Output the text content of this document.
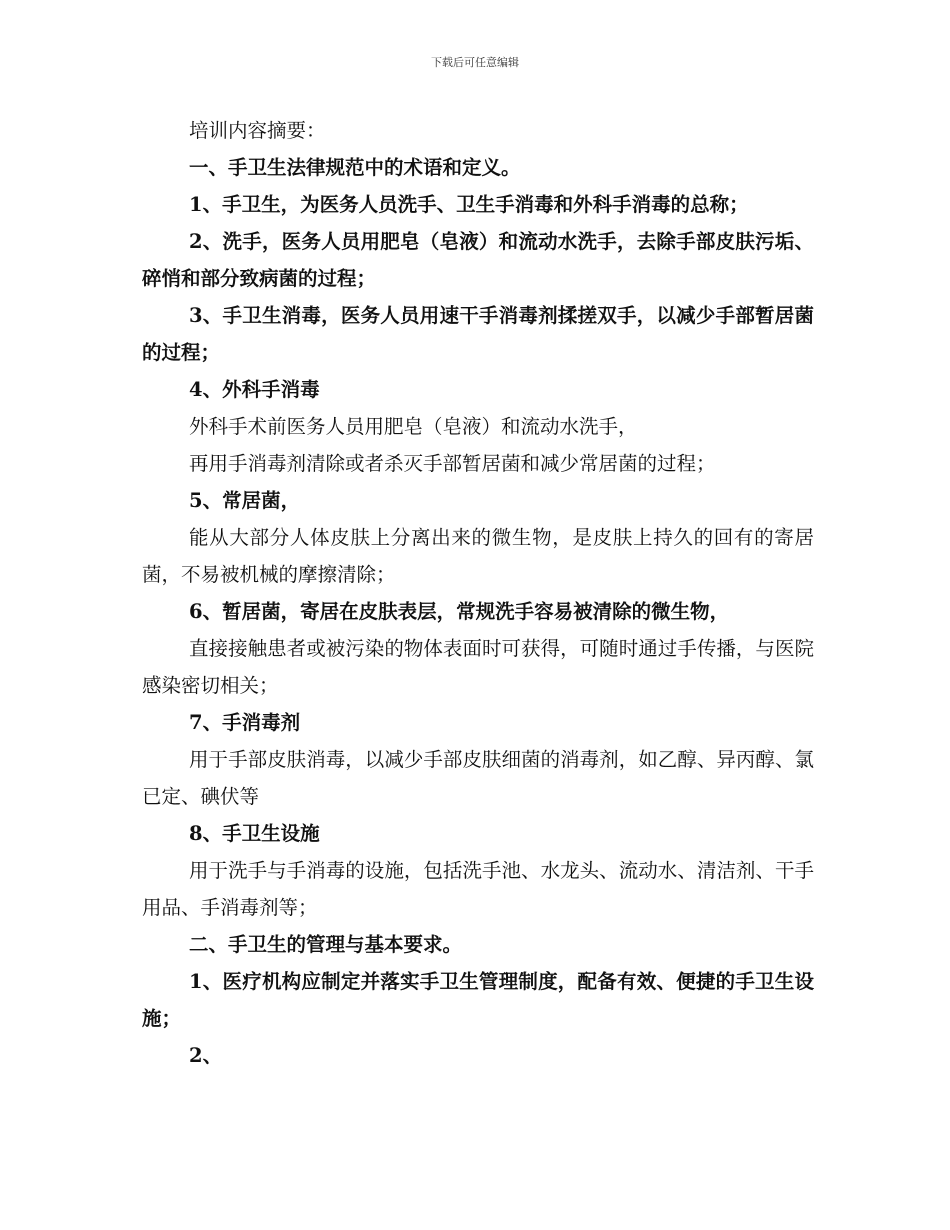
下载后可任意编辑

培训内容摘要：

一、手卫生法律规范中的术语和定义。

1、手卫生，为医务人员洗手、卫生手消毒和外科手消毒的总称；

2、洗手，医务人员用肥皂（皂液）和流动水洗手，去除手部皮肤污垢、碎悄和部分致病菌的过程；

3、手卫生消毒，医务人员用速干手消毒剂揉搓双手，以减少手部暂居菌的过程；

4、外科手消毒

外科手术前医务人员用肥皂（皂液）和流动水洗手，

再用手消毒剂清除或者杀灭手部暂居菌和减少常居菌的过程；

5、常居菌，

能从大部分人体皮肤上分离出来的微生物，是皮肤上持久的回有的寄居菌，不易被机械的摩擦清除；

6、暂居菌，寄居在皮肤表层，常规洗手容易被清除的微生物，

直接接触患者或被污染的物体表面时可获得，可随时通过手传播，与医院感染密切相关；

7、手消毒剂

用于手部皮肤消毒，以减少手部皮肤细菌的消毒剂，如乙醇、异丙醇、氯已定、碘伏等

8、手卫生设施

用于洗手与手消毒的设施，包括洗手池、水龙头、流动水、清洁剂、干手用品、手消毒剂等；

二、手卫生的管理与基本要求。

1、医疗机构应制定并落实手卫生管理制度，配备有效、便捷的手卫生设施；

2、
